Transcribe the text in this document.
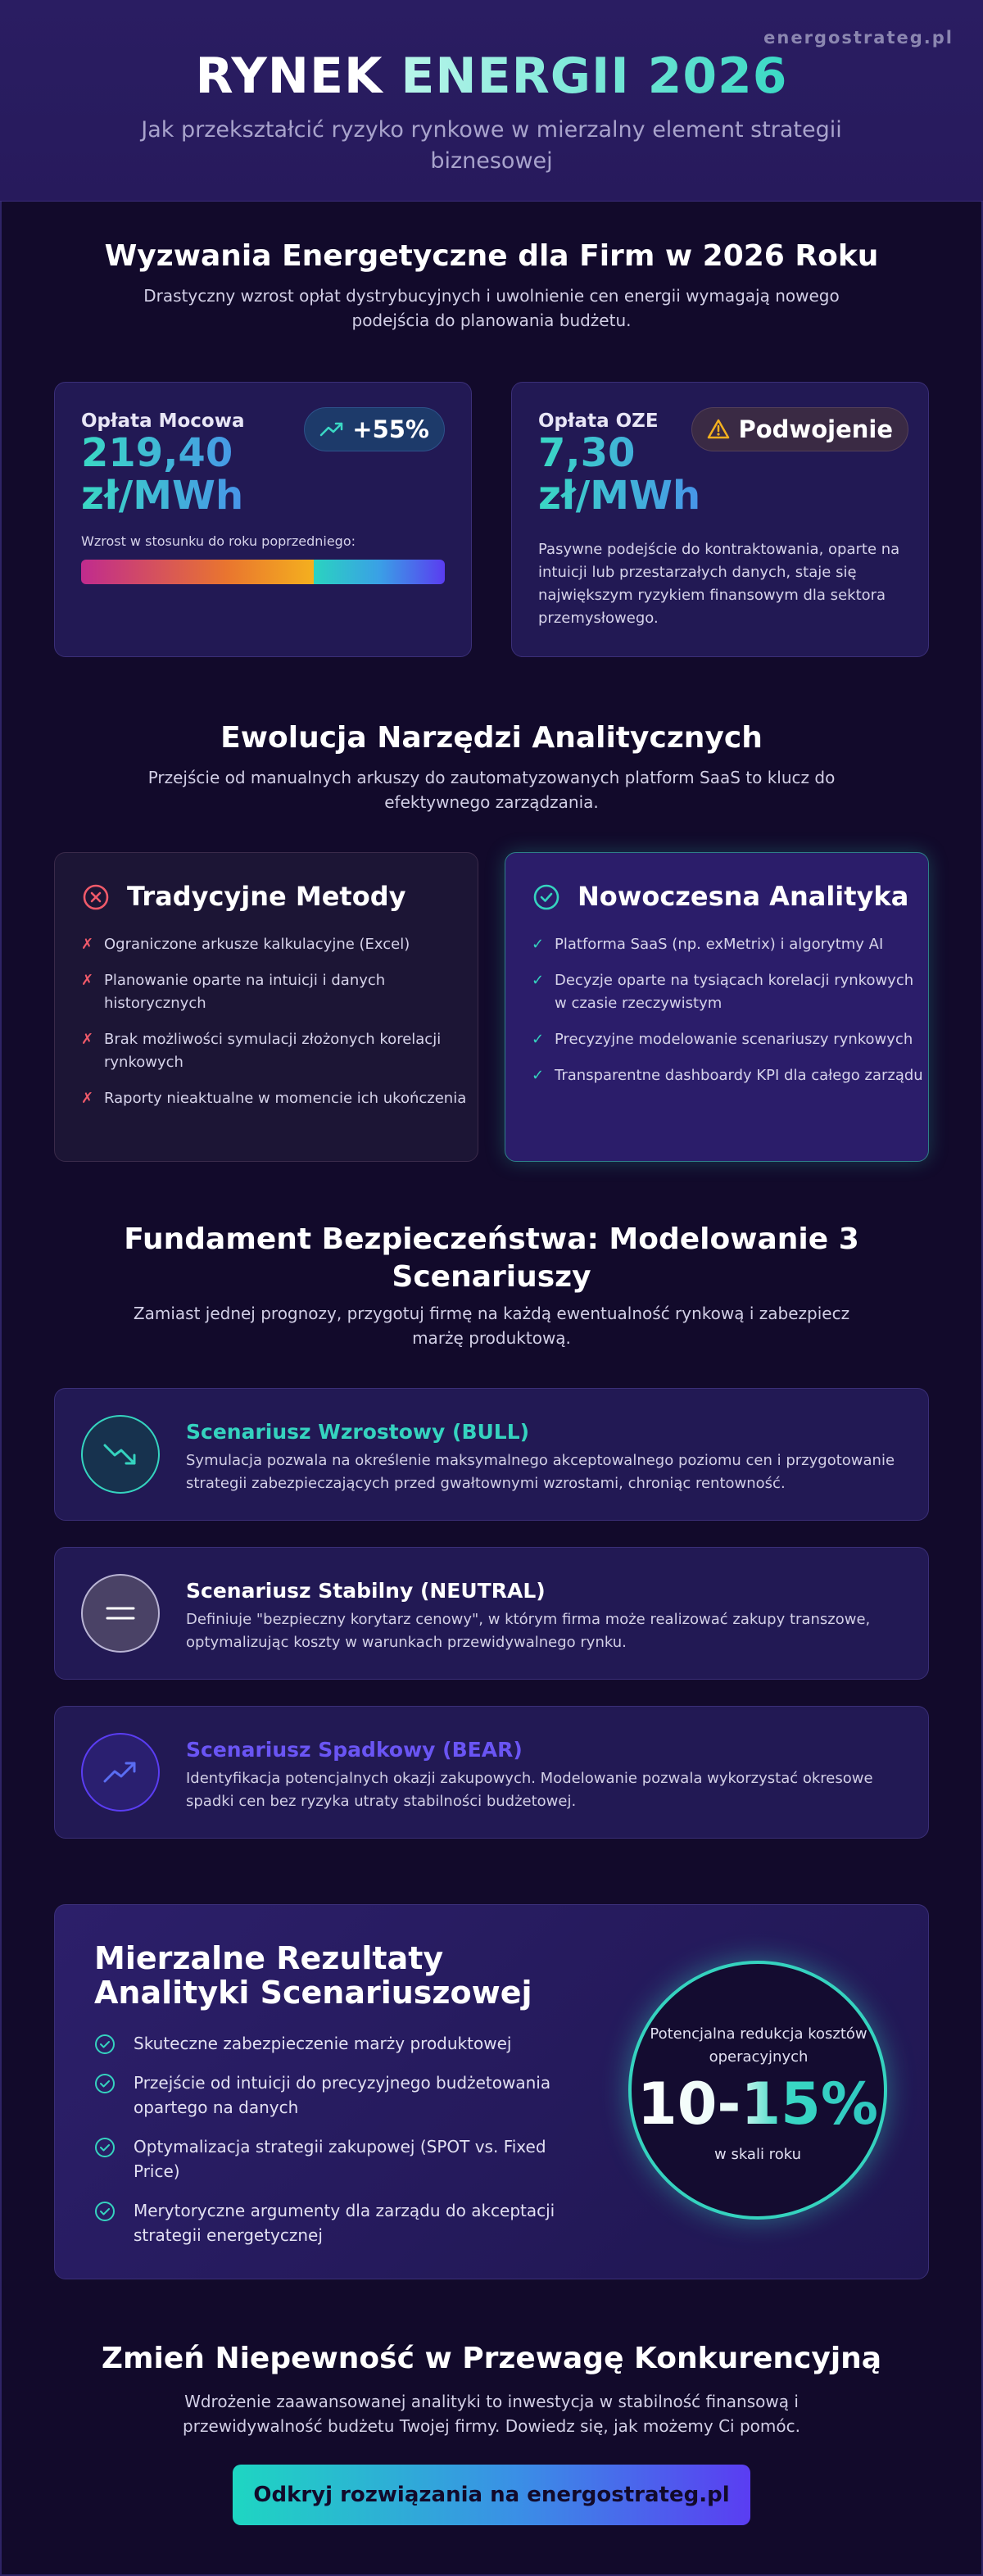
energostrateg.pl
RYNEK ENERGII 2026
Jak przekształcić ryzyko rynkowe w mierzalny element strategii biznesowej
Wyzwania Energetyczne dla Firm w 2026 Roku
Drastyczny wzrost opłat dystrybucyjnych i uwolnienie cen energii wymagają nowego podejścia do planowania budżetu.
Opłata Mocowa
219,40 zł/MWh
+55%
Wzrost w stosunku do roku poprzedniego:
Opłata OZE
7,30 zł/MWh
Podwojenie
Pasywne podejście do kontraktowania, oparte na intuicji lub przestarzałych danych, staje się największym ryzykiem finansowym dla sektora przemysłowego.
Ewolucja Narzędzi Analitycznych
Przejście od manualnych arkuszy do zautomatyzowanych platform SaaS to klucz do efektywnego zarządzania.
Tradycyjne Metody
✗ Ograniczone arkusze kalkulacyjne (Excel)
✗ Planowanie oparte na intuicji i danych historycznych
✗ Brak możliwości symulacji złożonych korelacji rynkowych
✗ Raporty nieaktualne w momencie ich ukończenia
Nowoczesna Analityka
✓ Platforma SaaS (np. exMetrix) i algorytmy AI
✓ Decyzje oparte na tysiącach korelacji rynkowych w czasie rzeczywistym
✓ Precyzyjne modelowanie scenariuszy rynkowych
✓ Transparentne dashboardy KPI dla całego zarządu
Fundament Bezpieczeństwa: Modelowanie 3 Scenariuszy
Zamiast jednej prognozy, przygotuj firmę na każdą ewentualność rynkową i zabezpiecz marżę produktową.
Scenariusz Wzrostowy (BULL)
Symulacja pozwala na określenie maksymalnego akceptowalnego poziomu cen i przygotowanie strategii zabezpieczających przed gwałtownymi wzrostami, chroniąc rentowność.
Scenariusz Stabilny (NEUTRAL)
Definiuje "bezpieczny korytarz cenowy", w którym firma może realizować zakupy transzowe, optymalizując koszty w warunkach przewidywalnego rynku.
Scenariusz Spadkowy (BEAR)
Identyfikacja potencjalnych okazji zakupowych. Modelowanie pozwala wykorzystać okresowe spadki cen bez ryzyka utraty stabilności budżetowej.
Mierzalne Rezultaty Analityki Scenariuszowej
Skuteczne zabezpieczenie marży produktowej
Przejście od intuicji do precyzyjnego budżetowania opartego na danych
Optymalizacja strategii zakupowej (SPOT vs. Fixed Price)
Merytoryczne argumenty dla zarządu do akceptacji strategii energetycznej
Potencjalna redukcja kosztów operacyjnych
10-15%
w skali roku
Zmień Niepewność w Przewagę Konkurencyjną
Wdrożenie zaawansowanej analityki to inwestycja w stabilność finansową i przewidywalność budżetu Twojej firmy. Dowiedz się, jak możemy Ci pomóc.
Odkryj rozwiązania na energostrateg.pl
